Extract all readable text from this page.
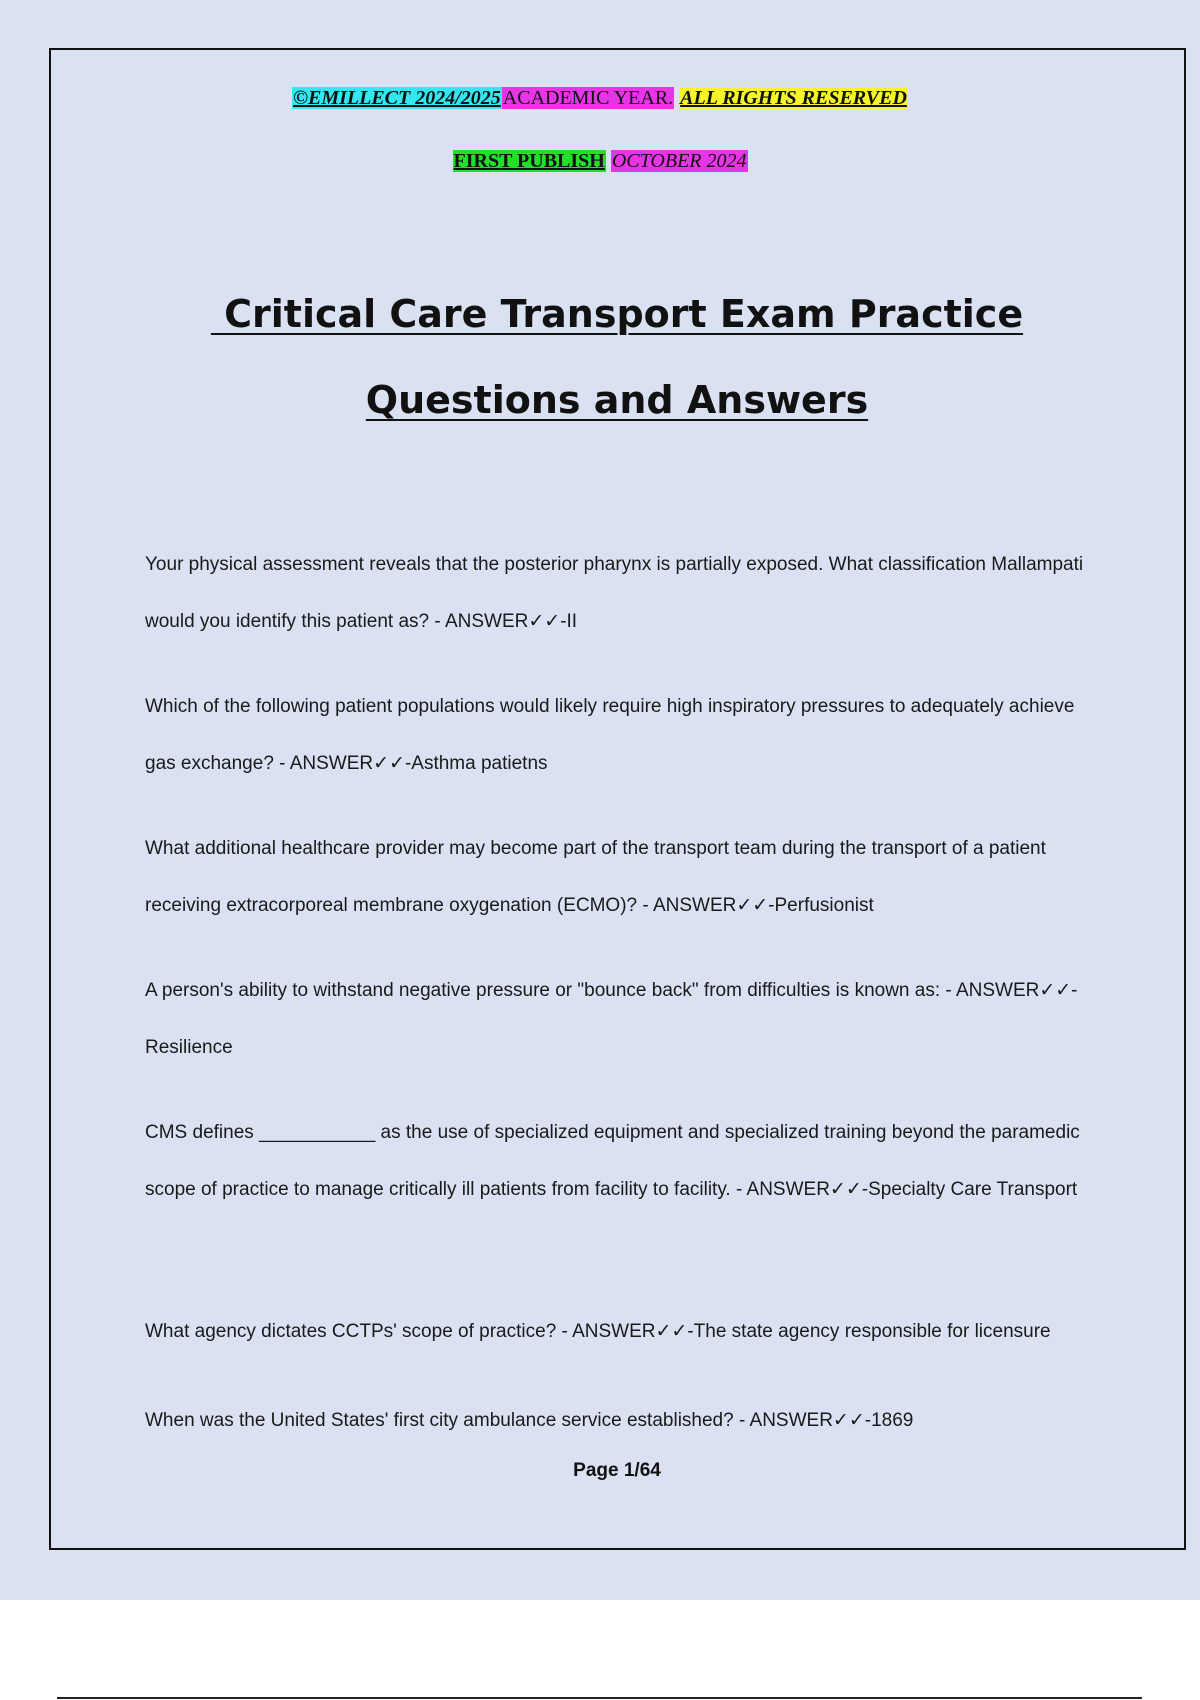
©EMILLECT 2024/2025 ACADEMIC YEAR. ALL RIGHTS RESERVED
FIRST PUBLISH OCTOBER 2024
Critical Care Transport Exam Practice
Questions and Answers
Your physical assessment reveals that the posterior pharynx is partially exposed. What classification Mallampati would you identify this patient as? - ANSWER✓✓-II
Which of the following patient populations would likely require high inspiratory pressures to adequately achieve gas exchange? - ANSWER✓✓-Asthma patietns
What additional healthcare provider may become part of the transport team during the transport of a patient receiving extracorporeal membrane oxygenation (ECMO)? - ANSWER✓✓-Perfusionist
A person's ability to withstand negative pressure or "bounce back" from difficulties is known as: - ANSWER✓✓-Resilience
CMS defines ___________ as the use of specialized equipment and specialized training beyond the paramedic scope of practice to manage critically ill patients from facility to facility. - ANSWER✓✓-Specialty Care Transport
What agency dictates CCTPs' scope of practice? - ANSWER✓✓-The state agency responsible for licensure
When was the United States' first city ambulance service established? - ANSWER✓✓-1869
Page 1/64
